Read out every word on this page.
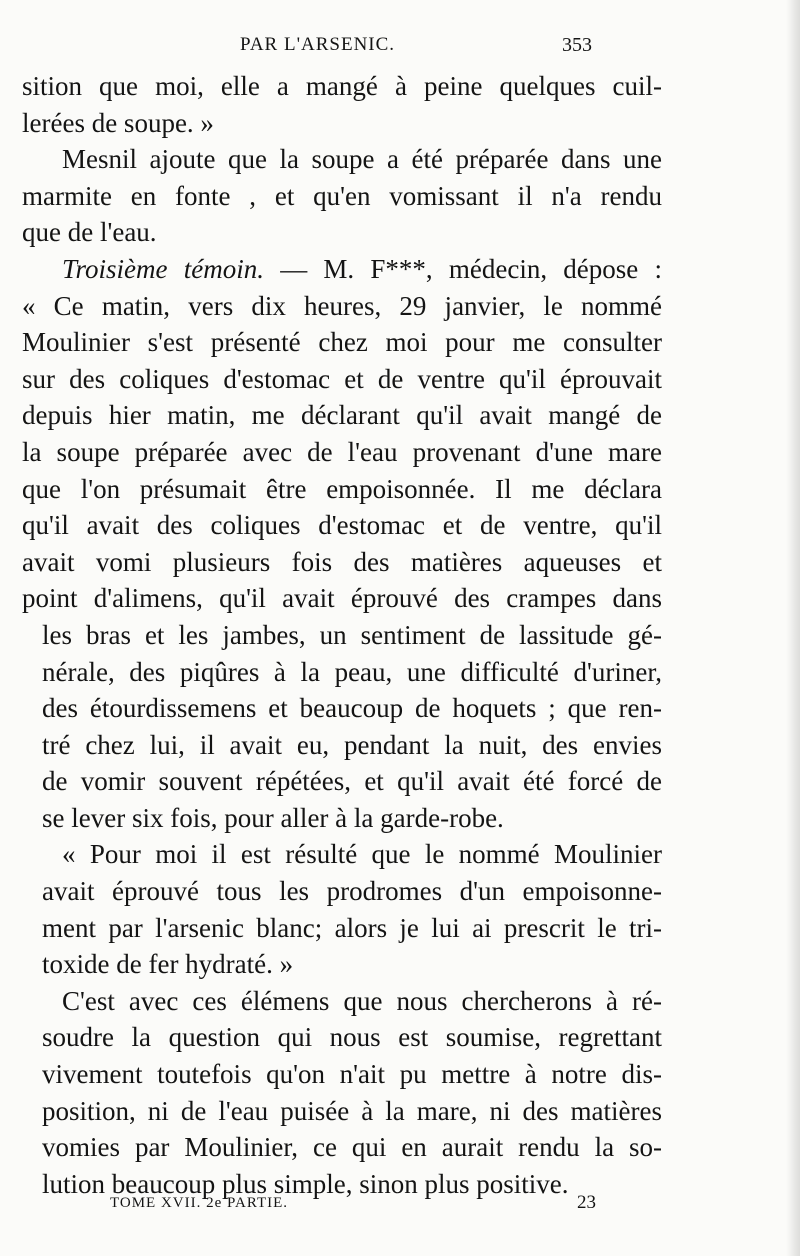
PAR L'ARSENIC.	353
sition que moi, elle a mangé à peine quelques cuil-
lerées de soupe. »
Mesnil ajoute que la soupe a été préparée dans une
marmite en fonte , et qu'en vomissant il n'a rendu
que de l'eau.
Troisième témoin. — M. F***, médecin, dépose :
« Ce matin, vers dix heures, 29 janvier, le nommé
Moulinier s'est présenté chez moi pour me consulter
sur des coliques d'estomac et de ventre qu'il éprouvait
depuis hier matin, me déclarant qu'il avait mangé de
la soupe préparée avec de l'eau provenant d'une mare
que l'on présumait être empoisonnée. Il me déclara
qu'il avait des coliques d'estomac et de ventre, qu'il
avait vomi plusieurs fois des matières aqueuses et
point d'alimens, qu'il avait éprouvé des crampes dans
les bras et les jambes, un sentiment de lassitude gé-
nérale, des piqûres à la peau, une difficulté d'uriner,
des étourdissemens et beaucoup de hoquets ; que ren-
tré chez lui, il avait eu, pendant la nuit, des envies
de vomir souvent répétées, et qu'il avait été forcé de
se lever six fois, pour aller à la garde-robe.
« Pour moi il est résulté que le nommé Moulinier
avait éprouvé tous les prodromes d'un empoisonne-
ment par l'arsenic blanc; alors je lui ai prescrit le tri-
toxide de fer hydraté. »
C'est avec ces élémens que nous chercherons à ré-
soudre la question qui nous est soumise, regrettant
vivement toutefois qu'on n'ait pu mettre à notre dis-
position, ni de l'eau puisée à la mare, ni des matières
vomies par Moulinier, ce qui en aurait rendu la so-
lution beaucoup plus simple, sinon plus positive.
TOME XVII. 2e PARTIE.	23
